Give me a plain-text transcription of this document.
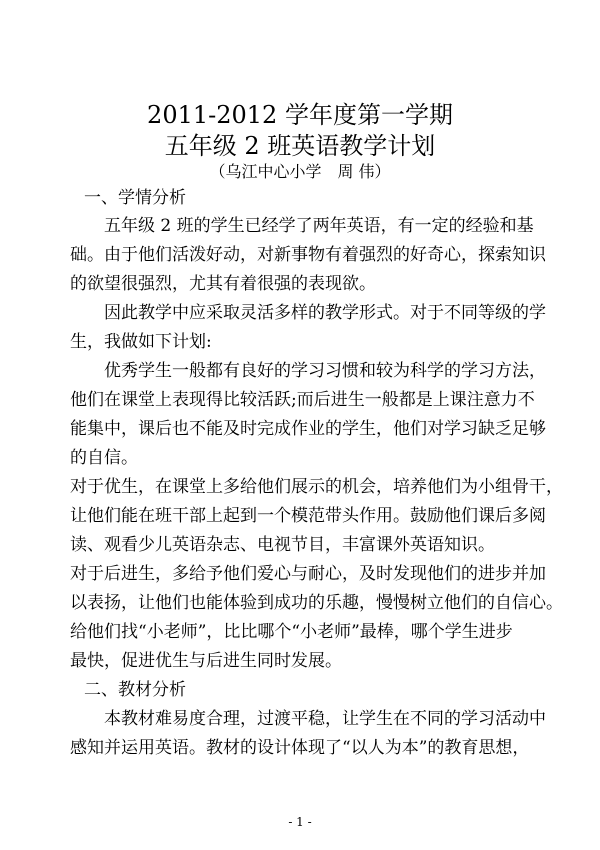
2011-2012 学年度第一学期
五年级 2 班英语教学计划
（乌江中心小学　周 伟）
一、学情分析
五年级 2 班的学生已经学了两年英语，有一定的经验和基
础。由于他们活泼好动，对新事物有着强烈的好奇心，探索知识
的欲望很强烈，尤其有着很强的表现欲。
因此教学中应采取灵活多样的教学形式。对于不同等级的学
生，我做如下计划:
优秀学生一般都有良好的学习习惯和较为科学的学习方法，
他们在课堂上表现得比较活跃;而后进生一般都是上课注意力不
能集中，课后也不能及时完成作业的学生，他们对学习缺乏足够
的自信。
对于优生，在课堂上多给他们展示的机会，培养他们为小组骨干，
让他们能在班干部上起到一个模范带头作用。鼓励他们课后多阅
读、观看少儿英语杂志、电视节目，丰富课外英语知识。
对于后进生，多给予他们爱心与耐心，及时发现他们的进步并加
以表扬，让他们也能体验到成功的乐趣，慢慢树立他们的自信心。
给他们找“小老师”，比比哪个“小老师”最棒，哪个学生进步
最快，促进优生与后进生同时发展。
二、教材分析
本教材难易度合理，过渡平稳，让学生在不同的学习活动中
感知并运用英语。教材的设计体现了“以人为本”的教育思想，
- 1 -
